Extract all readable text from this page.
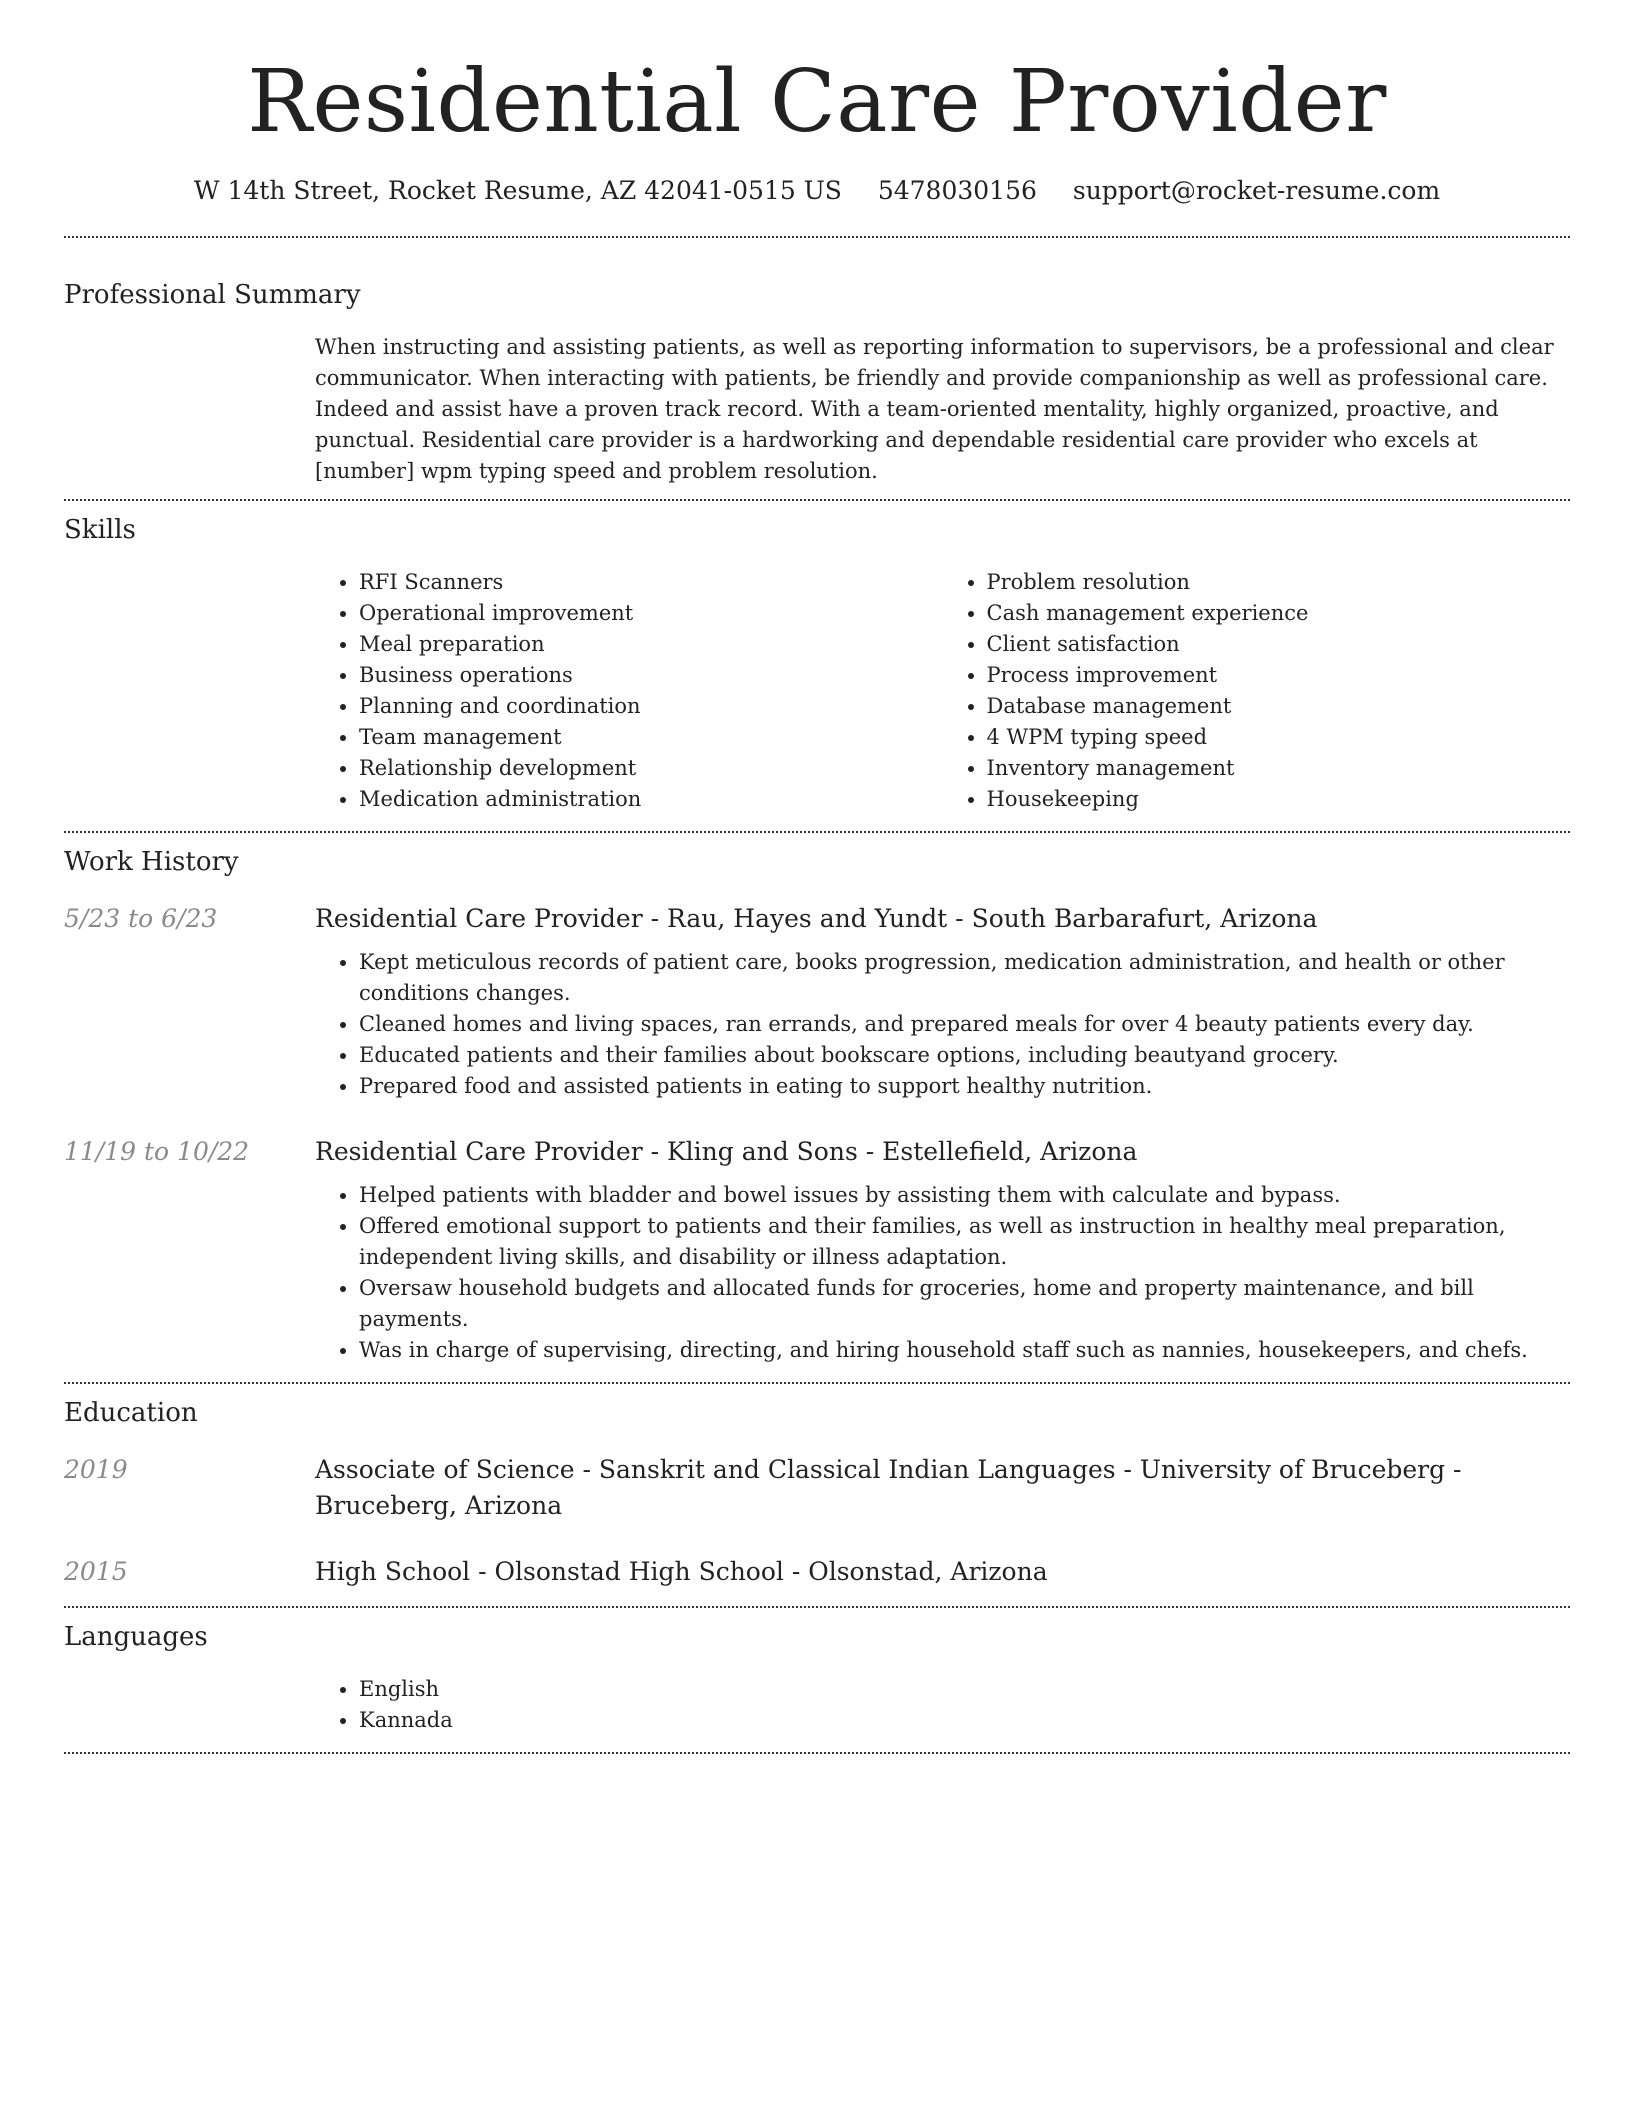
Residential Care Provider
W 14th Street, Rocket Resume, AZ 42041-0515 US 5478030156 support@rocket-resume.com
Professional Summary

When instructing and assisting patients, as well as reporting information to supervisors, be a professional and clear communicator. When interacting with patients, be friendly and provide companionship as well as professional care. Indeed and assist have a proven track record. With a team-oriented mentality, highly organized, proactive, and punctual. Residential care provider is a hardworking and dependable residential care provider who excels at [number] wpm typing speed and problem resolution.

Skills
• RFI Scanners
• Operational improvement
• Meal preparation
• Business operations
• Planning and coordination
• Team management
• Relationship development
• Medication administration
• Problem resolution
• Cash management experience
• Client satisfaction
• Process improvement
• Database management
• 4 WPM typing speed
• Inventory management
• Housekeeping
Work History
5/23 to 6/23	Residential Care Provider - Rau, Hayes and Yundt - South Barbarafurt, Arizona
• Kept meticulous records of patient care, books progression, medication administration, and health or other conditions changes.
• Cleaned homes and living spaces, ran errands, and prepared meals for over 4 beauty patients every day.
• Educated patients and their families about bookscare options, including beautyand grocery.
• Prepared food and assisted patients in eating to support healthy nutrition.
11/19 to 10/22	Residential Care Provider - Kling and Sons - Estellefield, Arizona
• Helped patients with bladder and bowel issues by assisting them with calculate and bypass.
• Offered emotional support to patients and their families, as well as instruction in healthy meal preparation, independent living skills, and disability or illness adaptation.
• Oversaw household budgets and allocated funds for groceries, home and property maintenance, and bill payments.
• Was in charge of supervising, directing, and hiring household staff such as nannies, housekeepers, and chefs.
Education
2019	Associate of Science - Sanskrit and Classical Indian Languages - University of Bruceberg - Bruceberg, Arizona
2015	High School - Olsonstad High School - Olsonstad, Arizona
Languages
• English
• Kannada
